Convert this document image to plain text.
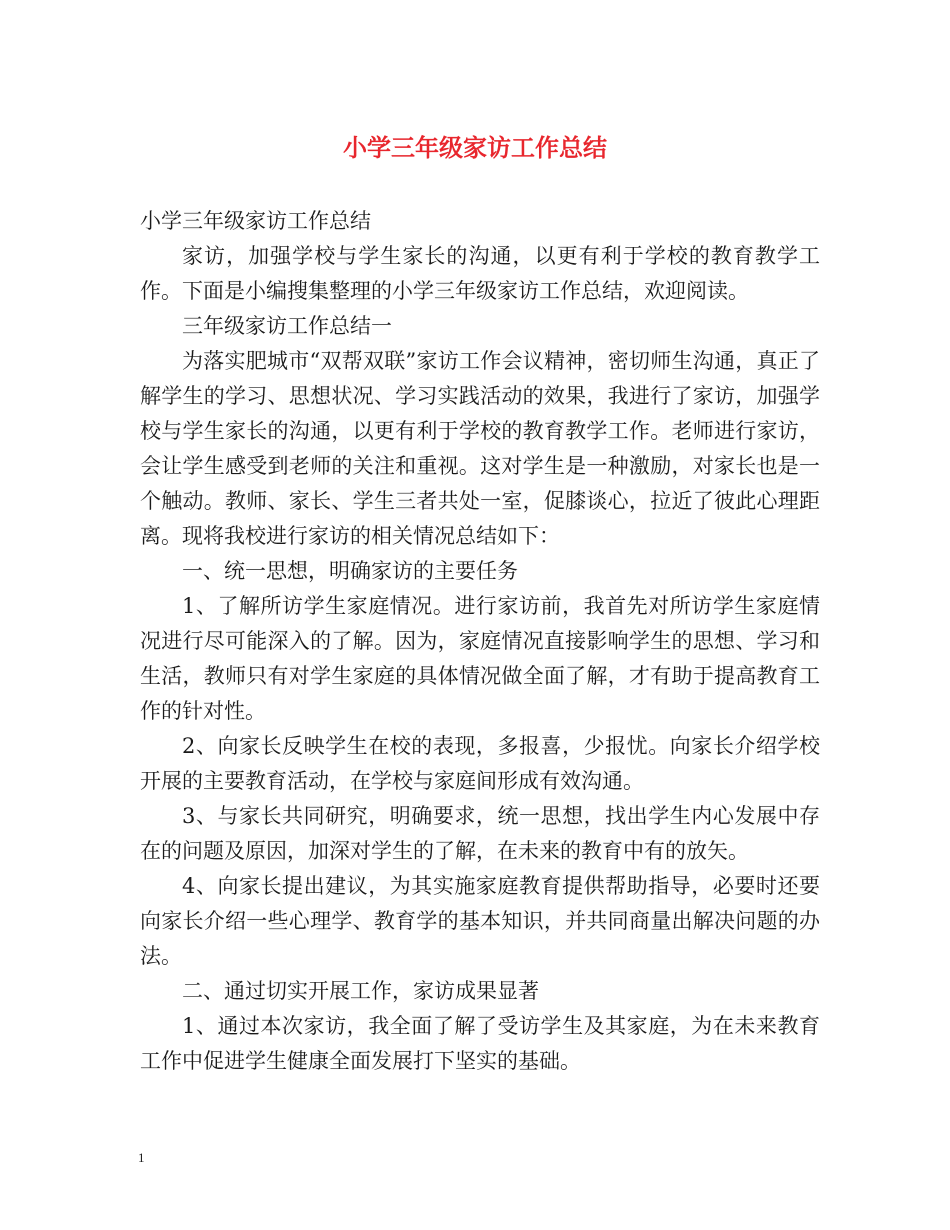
小学三年级家访工作总结

小学三年级家访工作总结

家访，加强学校与学生家长的沟通，以更有利于学校的教育教学工作。下面是小编搜集整理的小学三年级家访工作总结，欢迎阅读。

三年级家访工作总结一

为落实肥城市“双帮双联”家访工作会议精神，密切师生沟通，真正了解学生的学习、思想状况、学习实践活动的效果，我进行了家访，加强学校与学生家长的沟通，以更有利于学校的教育教学工作。老师进行家访，会让学生感受到老师的关注和重视。这对学生是一种激励，对家长也是一个触动。教师、家长、学生三者共处一室，促膝谈心，拉近了彼此心理距离。现将我校进行家访的相关情况总结如下：

一、统一思想，明确家访的主要任务

1、了解所访学生家庭情况。进行家访前，我首先对所访学生家庭情况进行尽可能深入的了解。因为，家庭情况直接影响学生的思想、学习和生活，教师只有对学生家庭的具体情况做全面了解，才有助于提高教育工作的针对性。

2、向家长反映学生在校的表现，多报喜，少报忧。向家长介绍学校开展的主要教育活动，在学校与家庭间形成有效沟通。

3、与家长共同研究，明确要求，统一思想，找出学生内心发展中存在的问题及原因，加深对学生的了解，在未来的教育中有的放矢。

4、向家长提出建议，为其实施家庭教育提供帮助指导，必要时还要向家长介绍一些心理学、教育学的基本知识，并共同商量出解决问题的办法。

二、通过切实开展工作，家访成果显著

1、通过本次家访，我全面了解了受访学生及其家庭，为在未来教育工作中促进学生健康全面发展打下坚实的基础。

1
